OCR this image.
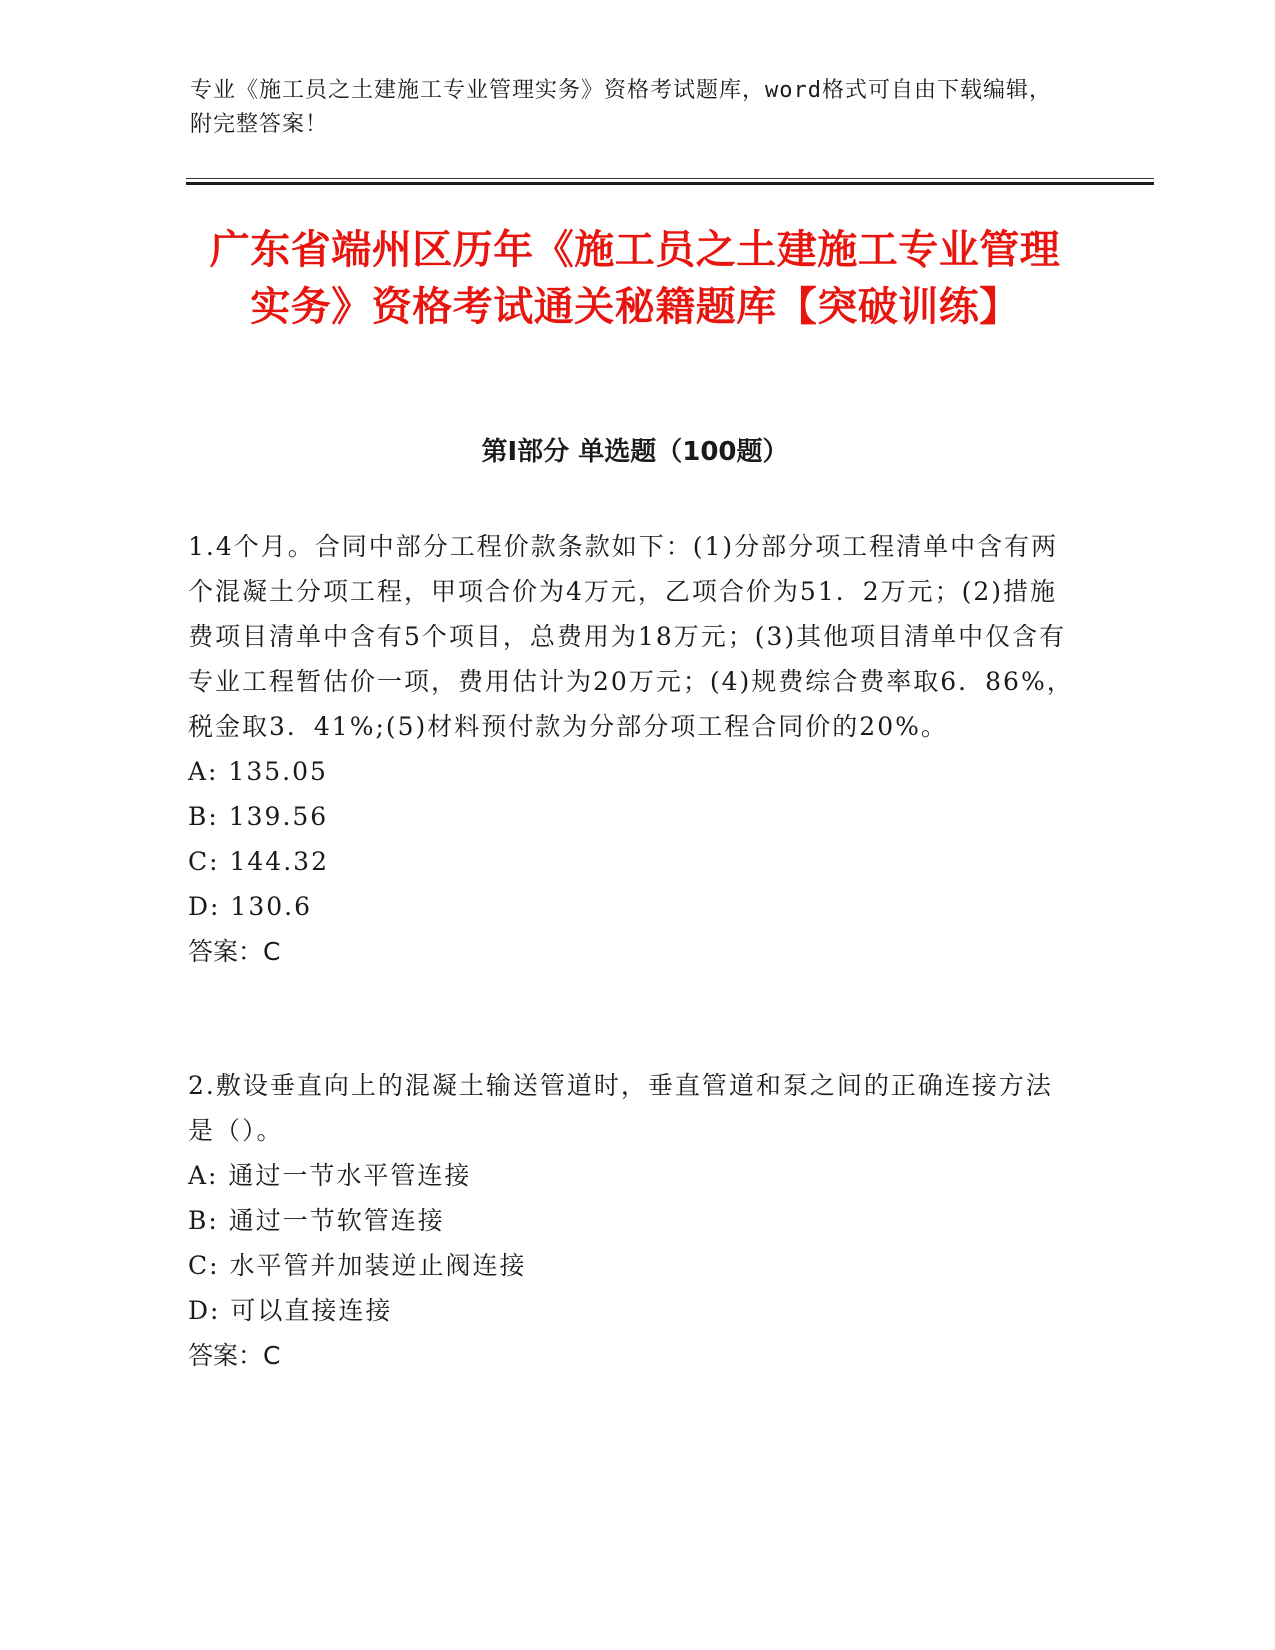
专业《施工员之土建施工专业管理实务》资格考试题库，word格式可自由下载编辑，附完整答案！
广东省端州区历年《施工员之土建施工专业管理实务》资格考试通关秘籍题库【突破训练】
第Ⅰ部分 单选题（100题）

1.4个月。合同中部分工程价款条款如下：(1)分部分项工程清单中含有两个混凝土分项工程，甲项合价为4万元，乙项合价为51．2万元；(2)措施费项目清单中含有5个项目，总费用为18万元；(3)其他项目清单中仅含有专业工程暂估价一项，费用估计为20万元；(4)规费综合费率取6．86%，税金取3．41%;(5)材料预付款为分部分项工程合同价的20%。

A: 135.05

B: 139.56

C: 144.32

D: 130.6

答案：C

2.敷设垂直向上的混凝土输送管道时，垂直管道和泵之间的正确连接方法是（）。

A: 通过一节水平管连接

B: 通过一节软管连接

C: 水平管并加装逆止阀连接

D: 可以直接连接

答案：C
